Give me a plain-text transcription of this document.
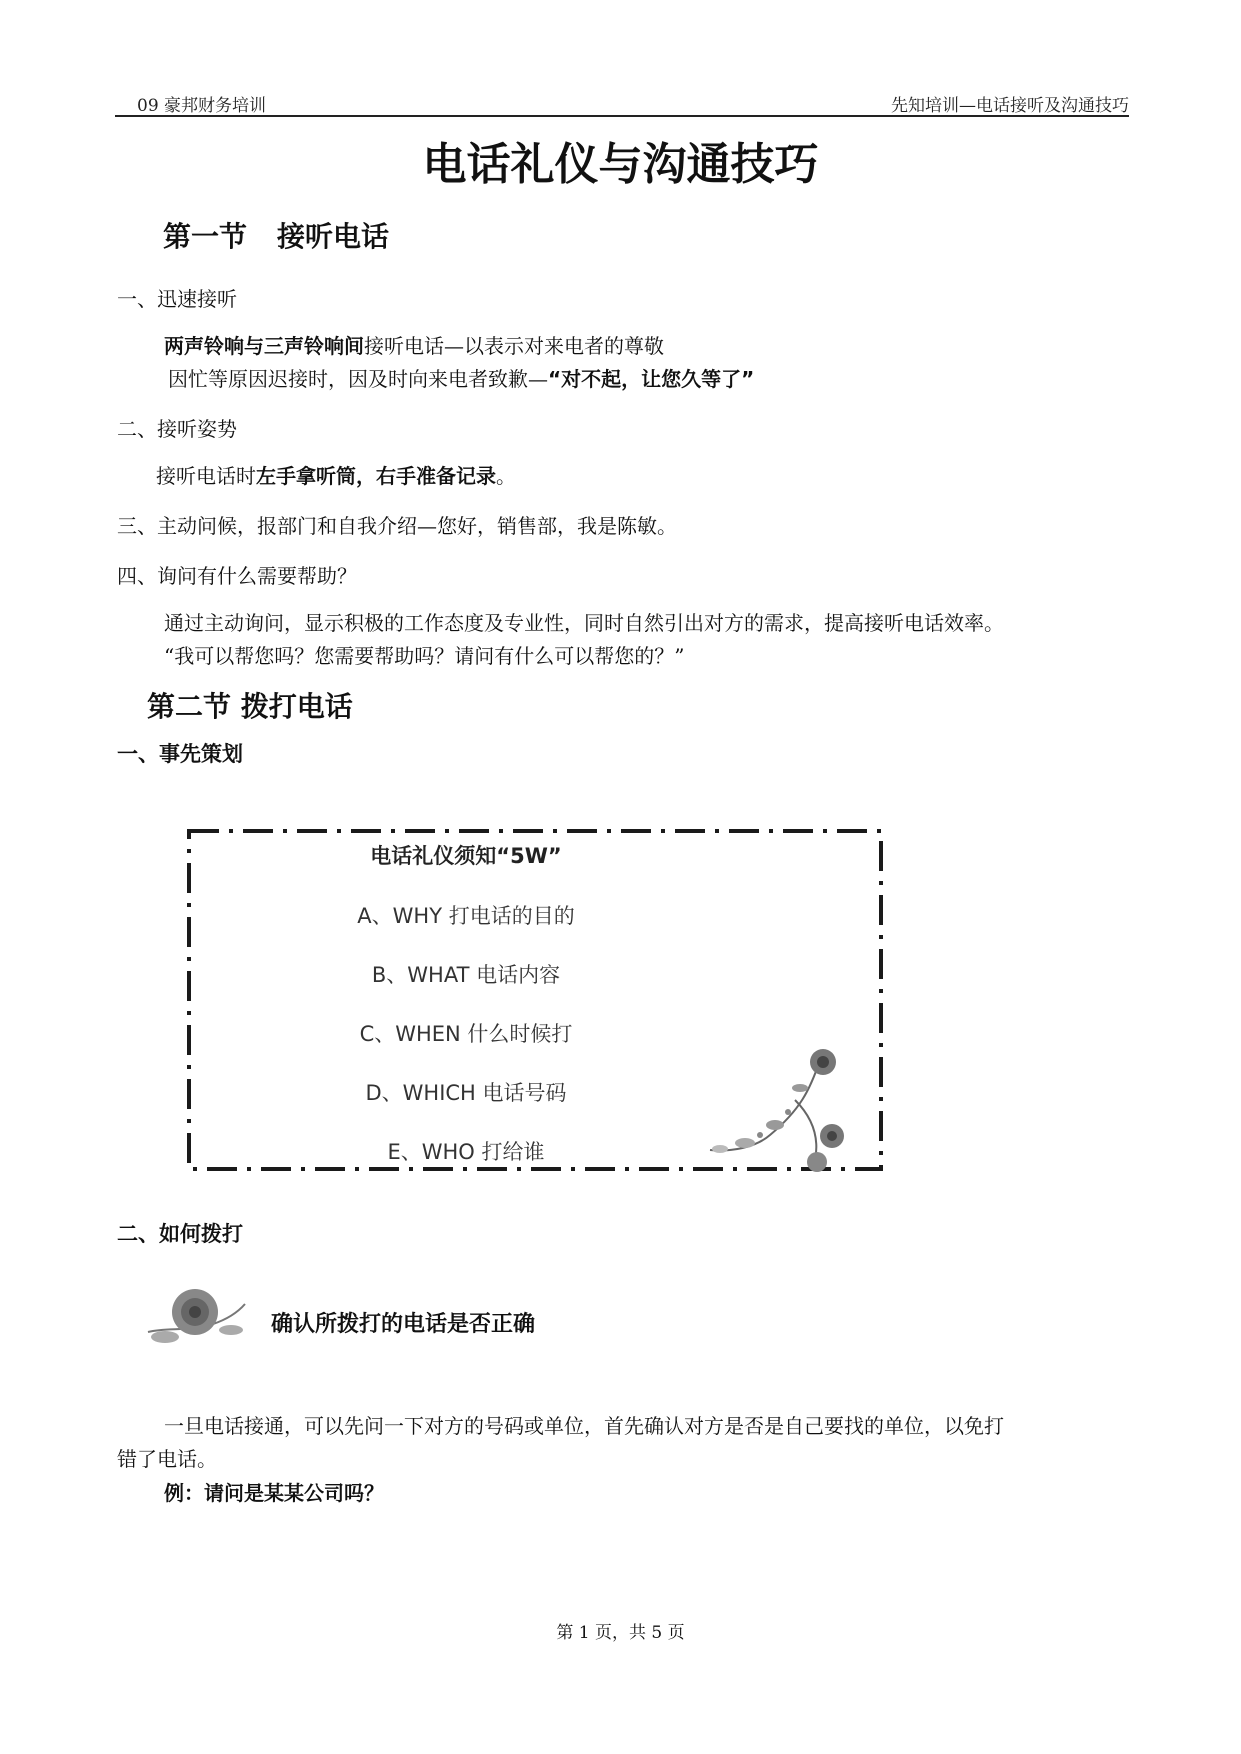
09 豪邦财务培训	先知培训—电话接听及沟通技巧
电话礼仪与沟通技巧
第一节 接听电话
一、迅速接听
两声铃响与三声铃响间接听电话—以表示对来电者的尊敬
因忙等原因迟接时，因及时向来电者致歉—“对不起，让您久等了”
二、接听姿势
接听电话时左手拿听筒，右手准备记录。
三、主动问候，报部门和自我介绍—您好，销售部，我是陈敏。
四、询问有什么需要帮助？
通过主动询问，显示积极的工作态度及专业性，同时自然引出对方的需求，提高接听电话效率。
“我可以帮您吗？您需要帮助吗？请问有什么可以帮您的？”
第二节 拨打电话
一、事先策划
电话礼仪须知“5W”
A、WHY 打电话的目的
B、WHAT 电话内容
C、WHEN 什么时候打
D、WHICH 电话号码
E、WHO 打给谁
二、如何拨打
确认所拨打的电话是否正确
一旦电话接通，可以先问一下对方的号码或单位，首先确认对方是否是自己要找的单位，以免打
错了电话。
例：请问是某某公司吗？
第 1 页，共 5 页
